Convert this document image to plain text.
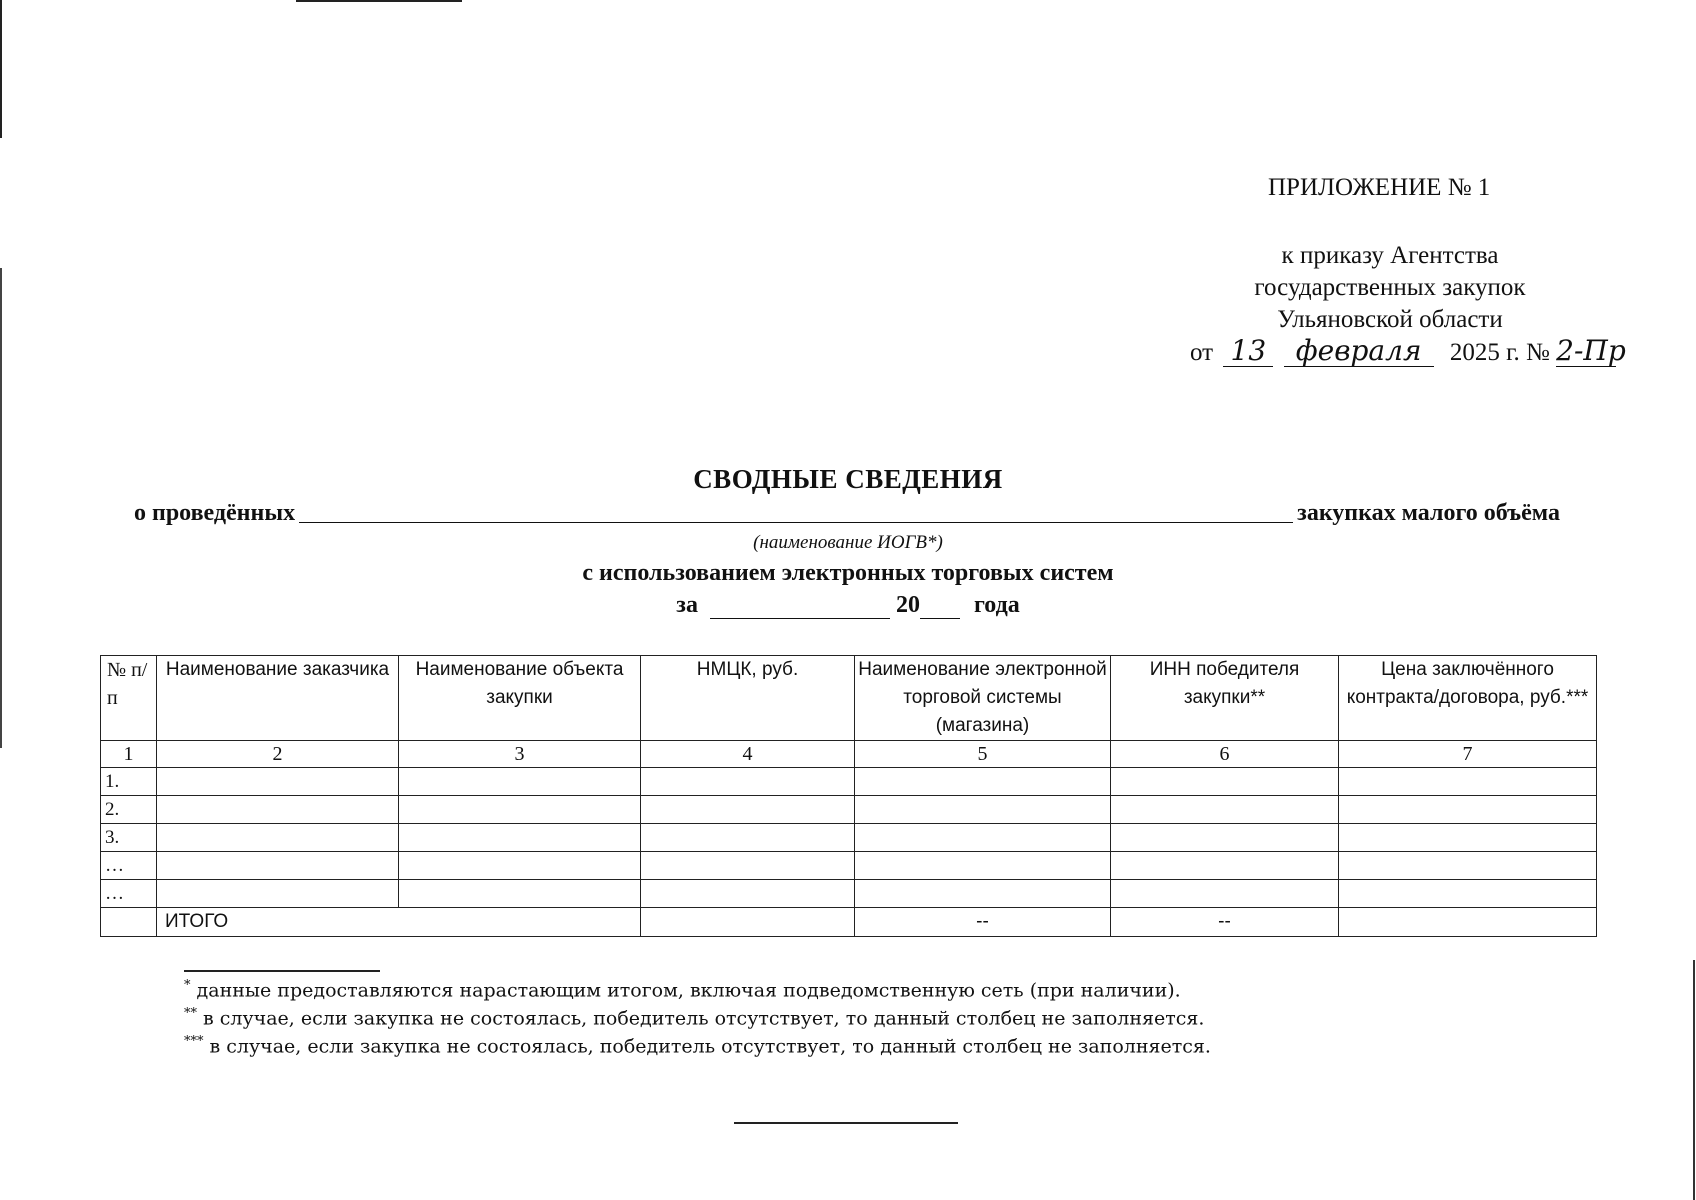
ПРИЛОЖЕНИЕ № 1
к приказу Агентства
государственных закупок
Ульяновской области
от 13 февраля 2025 г. № 2-Пр
СВОДНЫЕ СВЕДЕНИЯ
о проведённых	закупках малого объёма
(наименование ИОГВ*)
с использованием электронных торговых систем
за	20 года
№ п/п	Наименование заказчика	Наименование объекта закупки	НМЦК, руб.	Наименование электронной торговой системы (магазина)	ИНН победителя закупки**	Цена заключённого контракта/договора, руб.***
1	2	3	4	5	6	7
1.						
2.						
3.						
…						
…						
	ИТОГО			--	--	
* данные предоставляются нарастающим итогом, включая подведомственную сеть (при наличии).
** в случае, если закупка не состоялась, победитель отсутствует, то данный столбец не заполняется.
*** в случае, если закупка не состоялась, победитель отсутствует, то данный столбец не заполняется.
